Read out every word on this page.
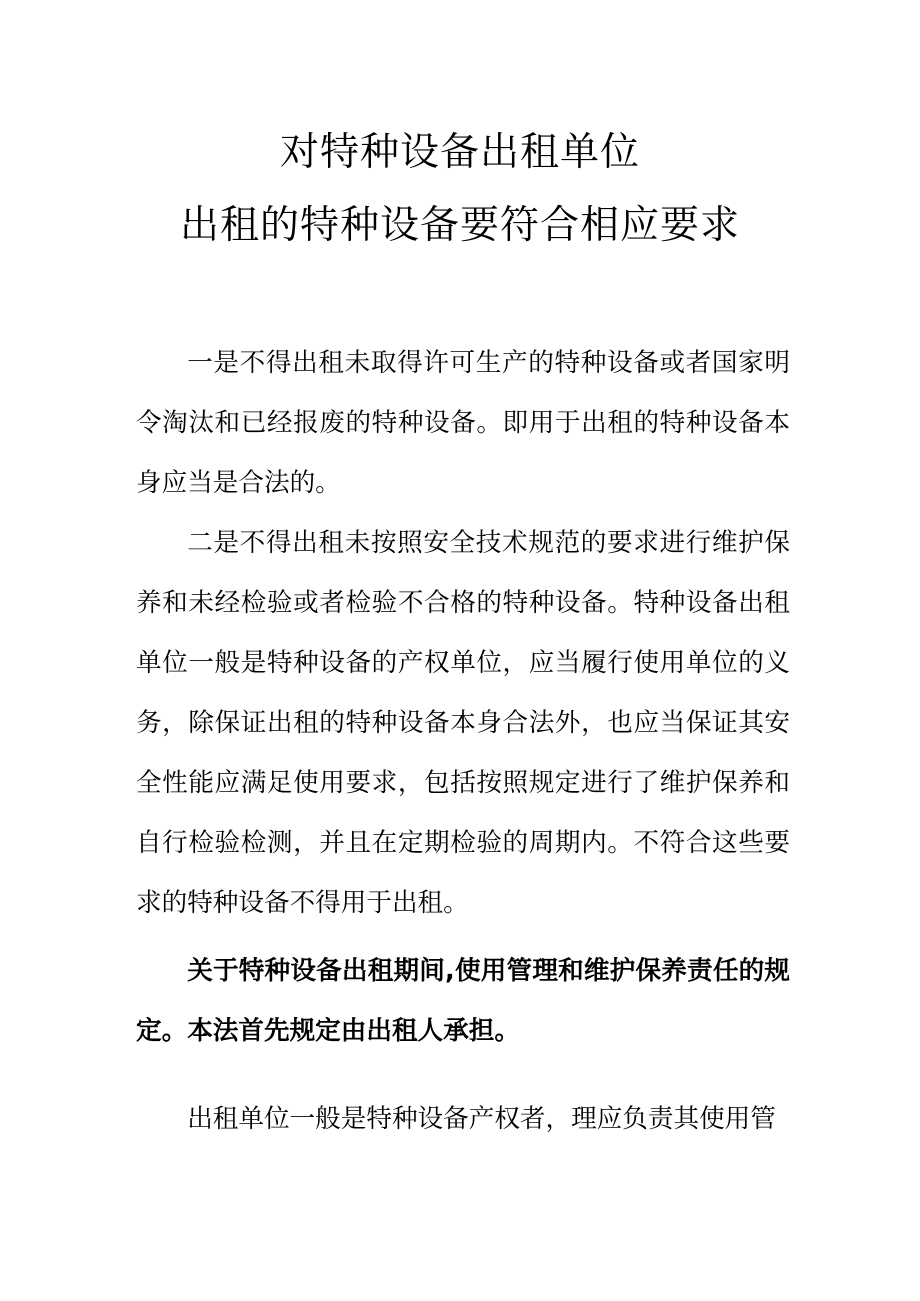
对特种设备出租单位
出租的特种设备要符合相应要求

一是不得出租未取得许可生产的特种设备或者国家明令淘汰和已经报废的特种设备。即用于出租的特种设备本身应当是合法的。

二是不得出租未按照安全技术规范的要求进行维护保养和未经检验或者检验不合格的特种设备。特种设备出租单位一般是特种设备的产权单位，应当履行使用单位的义务，除保证出租的特种设备本身合法外，也应当保证其安全性能应满足使用要求，包括按照规定进行了维护保养和自行检验检测，并且在定期检验的周期内。不符合这些要求的特种设备不得用于出租。

关于特种设备出租期间,使用管理和维护保养责任的规定。本法首先规定由出租人承担。

出租单位一般是特种设备产权者，理应负责其使用管
